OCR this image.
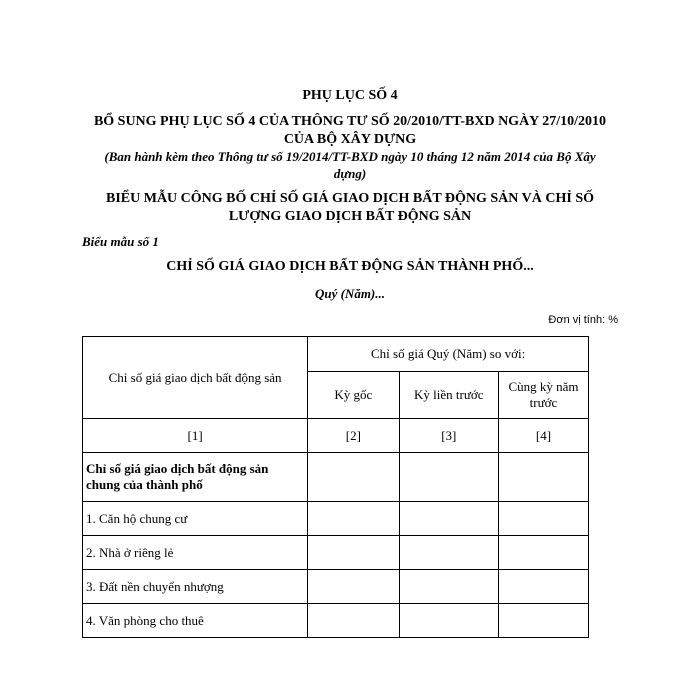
PHỤ LỤC SỐ 4
BỔ SUNG PHỤ LỤC SỐ 4 CỦA THÔNG TƯ SỐ 20/2010/TT-BXD NGÀY 27/10/2010 CỦA BỘ XÂY DỰNG
(Ban hành kèm theo Thông tư số 19/2014/TT-BXD ngày 10 tháng 12 năm 2014 của Bộ Xây dựng)
BIỂU MẪU CÔNG BỐ CHỈ SỐ GIÁ GIAO DỊCH BẤT ĐỘNG SẢN VÀ CHỈ SỐ LƯỢNG GIAO DỊCH BẤT ĐỘNG SẢN
Biểu mẫu số 1
CHỈ SỐ GIÁ GIAO DỊCH BẤT ĐỘNG SẢN THÀNH PHỐ...
Quý (Năm)...
Đơn vị tính: %
Chỉ số giá giao dịch bất động sản	Chỉ số giá Quý (Năm) so với:		
	Kỳ gốc	Kỳ liền trước	Cùng kỳ năm trước
[1]	[2]	[3]	[4]
Chỉ số giá giao dịch bất động sản chung của thành phố			
1. Căn hộ chung cư			
2. Nhà ở riêng lẻ			
3. Đất nền chuyển nhượng			
4. Văn phòng cho thuê			
